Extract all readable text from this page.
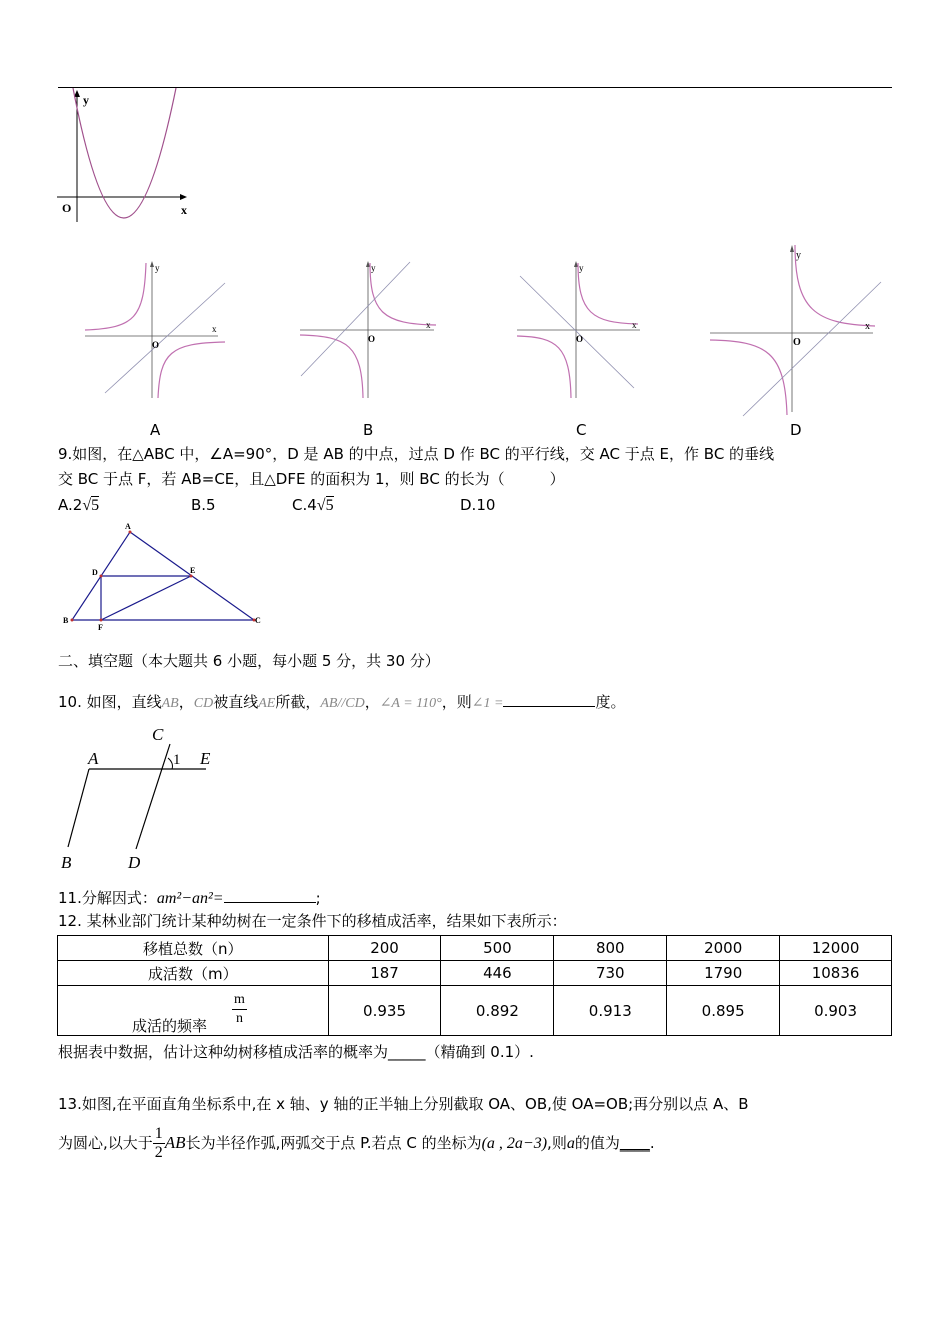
y
x
O
y
x
O
y
x
O
y
x
O
y
x
O
A	B	C	D
9.如图，在△ABC 中，∠A=90°，D 是 AB 的中点，过点 D 作 BC 的平行线，交 AC 于点 E，作 BC 的垂线
交 BC 于点 F，若 AB=CE，且△DFE 的面积为 1，则 BC 的长为（　　　）
A.2√5	B.5	C.4√5	D.10
A
D	E
B
F
C
二、填空题（本大题共 6 小题，每小题 5 分，共 30 分）
10. 如图，直线AB，CD被直线AE所截，AB//CD，∠A = 110°，则∠1 =	度。
C
A	E
B	D
1
11.分解因式：am²−an²=	;
12. 某林业部门统计某种幼树在一定条件下的移植成活率，结果如下表所示：
移植总数（n）	200	500	800	2000	12000
成活数（m）	187	446	730	1790	10836

成活的频率 $\frac{m}{n}$	0.935	0.892	0.913	0.895	0.903
根据表中数据，估计这种幼树移植成活率的概率为_____（精确到 0.1）.
13.如图,在平面直角坐标系中,在 x 轴、y 轴的正半轴上分别截取 OA、OB,使 OA=OB;再分别以点 A、B
为圆心,以大于 $\frac{1}{2}$ AB长为半径作弧,两弧交于点 P.若点 C 的坐标为(a , 2a−3),则a的值为____.
